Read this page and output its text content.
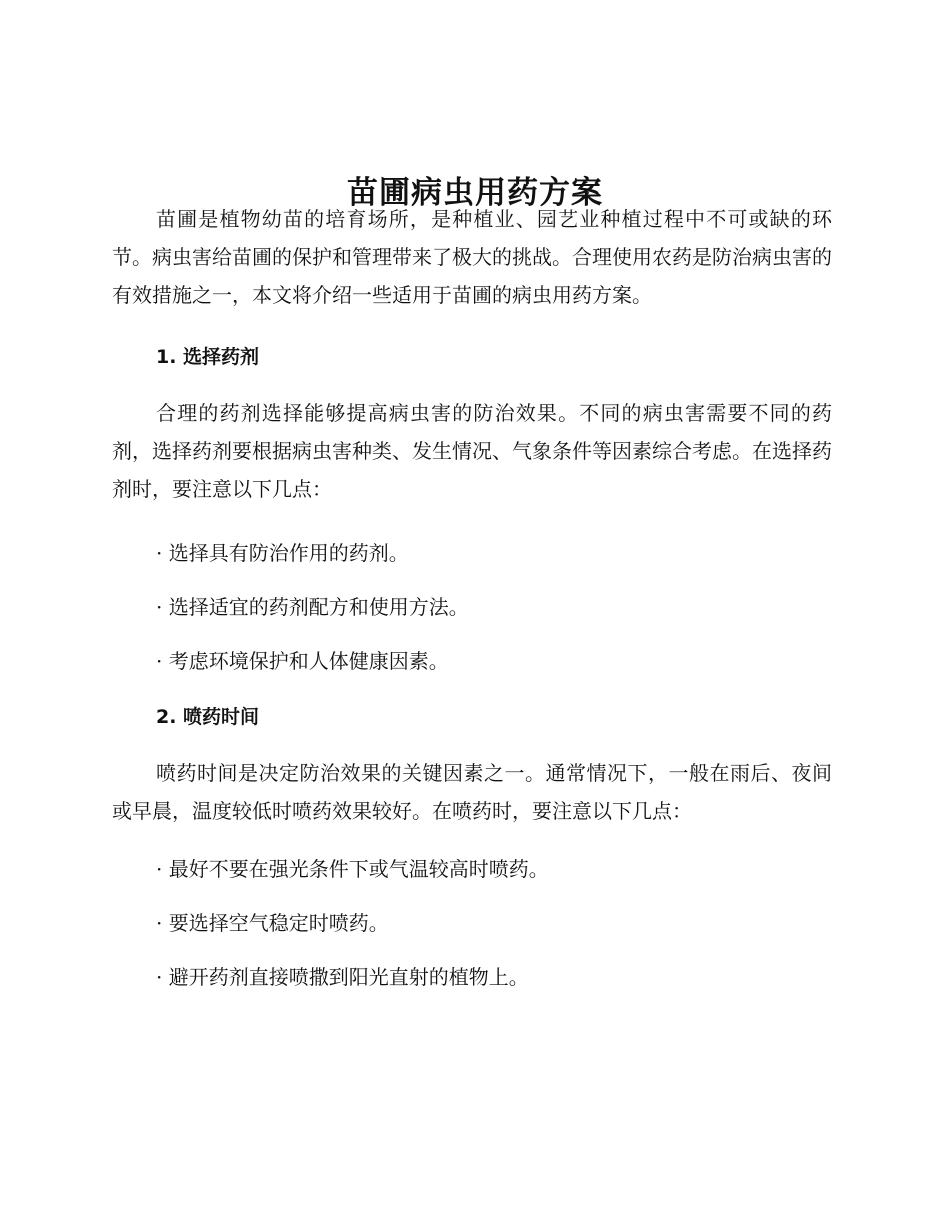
苗圃病虫用药方案

苗圃是植物幼苗的培育场所，是种植业、园艺业种植过程中不可或缺的环节。病虫害给苗圃的保护和管理带来了极大的挑战。合理使用农药是防治病虫害的有效措施之一，本文将介绍一些适用于苗圃的病虫用药方案。

1. 选择药剂

合理的药剂选择能够提高病虫害的防治效果。不同的病虫害需要不同的药剂，选择药剂要根据病虫害种类、发生情况、气象条件等因素综合考虑。在选择药剂时，要注意以下几点：

· 选择具有防治作用的药剂。

· 选择适宜的药剂配方和使用方法。

· 考虑环境保护和人体健康因素。

2. 喷药时间

喷药时间是决定防治效果的关键因素之一。通常情况下，一般在雨后、夜间或早晨，温度较低时喷药效果较好。在喷药时，要注意以下几点：

· 最好不要在强光条件下或气温较高时喷药。

· 要选择空气稳定时喷药。

· 避开药剂直接喷撒到阳光直射的植物上。
